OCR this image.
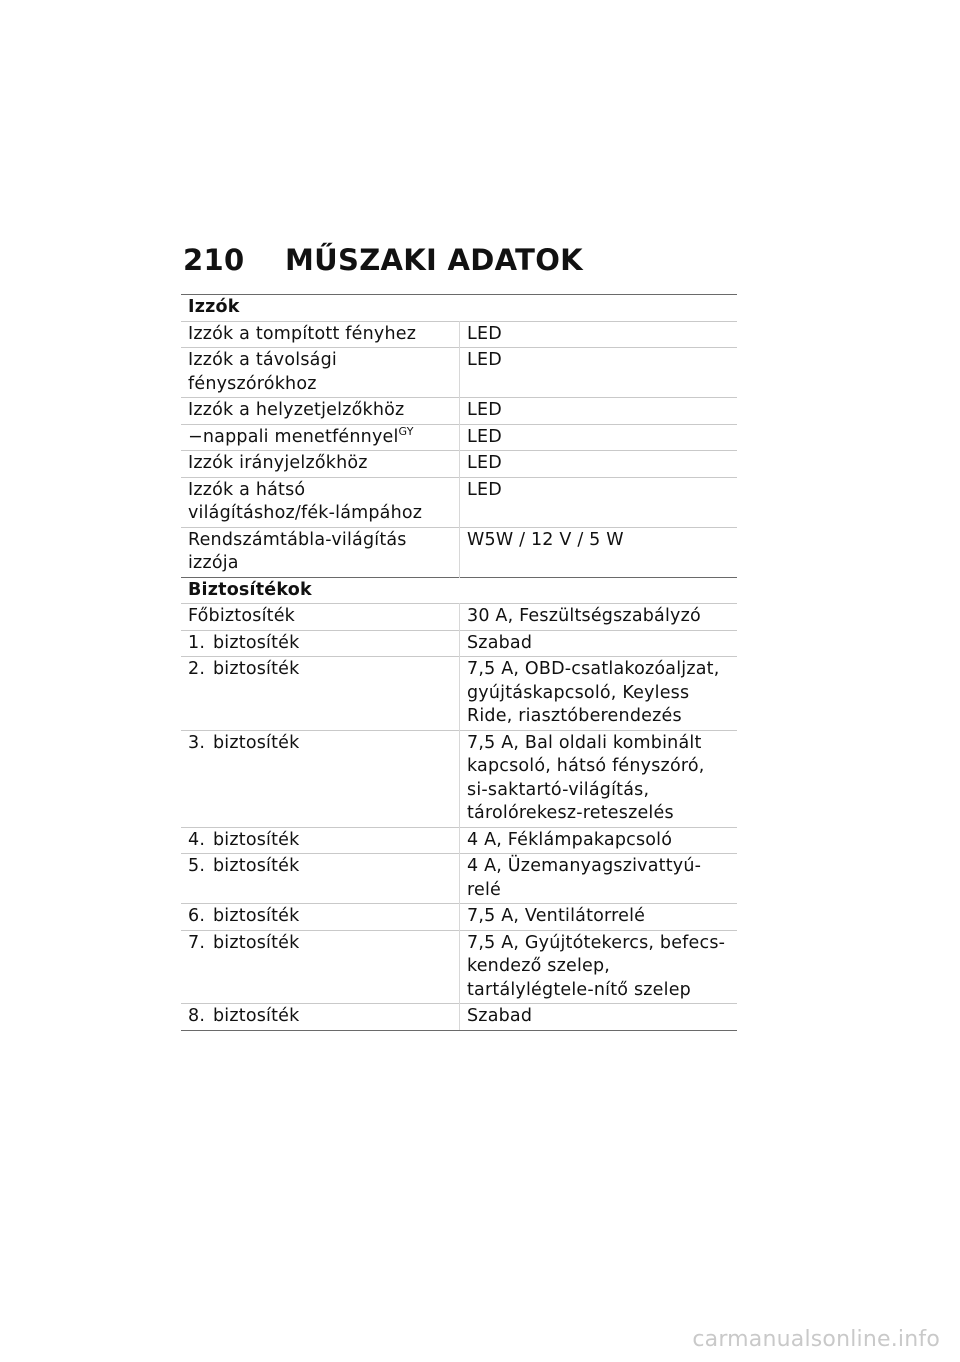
210	MŰSZAKI ADATOK
Izzók	
Izzók a tompított fényhez	LED
Izzók a távolsági fényszórókhoz	LED
Izzók a helyzetjelzőkhöz	LED
−nappali menetfénnyel$^{GY}$	LED
Izzók irányjelzőkhöz	LED

Izzók a hátsó világításhoz/fék-lámpához	LED
Rendszámtábla-világítás izzója	W5W / 12 V / 5 W
Biztosítékok	
Főbiztosíték	30 A, Feszültségszabályzó
1. biztosíték	Szabad
2. biztosíték	7,5 A, OBD-csatlakozóaljzat, gyújtáskapcsoló, Keyless Ride, riasztóberendezés
3. biztosíték	7,5 A, Bal oldali kombinált kapcsoló, hátsó fényszóró, si-saktartó-világítás, tárolórekesz-reteszelés
4. biztosíték	4 A, Féklámpakapcsoló
5. biztosíték	4 A, Üzemanyagszivattyú-relé
6. biztosíték	7,5 A, Ventilátorrelé
7. biztosíték	7,5 A, Gyújtótekercs, befecs-kendező szelep, tartálylégtele-nítő szelep
8. biztosíték	Szabad
carmanualsonline.info
